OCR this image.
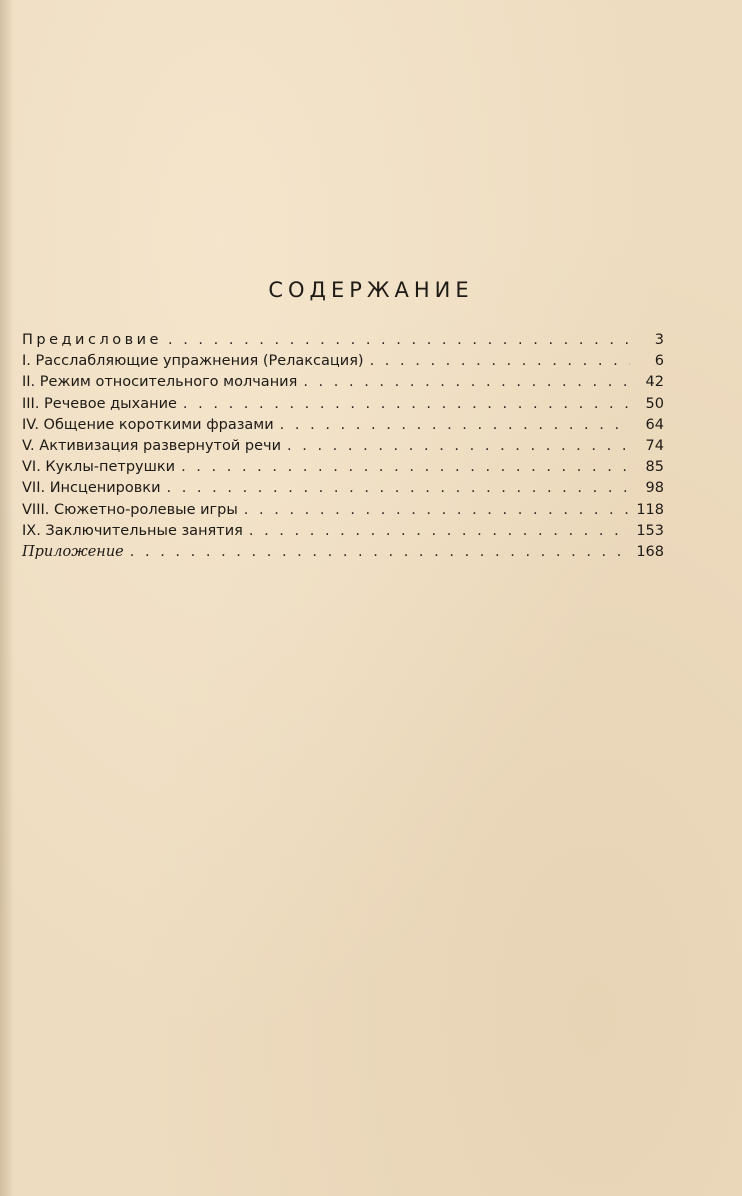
СОДЕРЖАНИЕ
Предисловие . . .	3
I. Расслабляющие упражнения (Релаксация) . . .	6
II. Режим относительного молчания . . .	42
III. Речевое дыхание . . .	50
IV. Общение короткими фразами . . .	64
V. Активизация развернутой речи . . .	74
VI. Куклы-петрушки . . .	85
VII. Инсценировки . . .	98
VIII. Сюжетно-ролевые игры . . .	118
IX. Заключительные занятия . . .	153
Приложение . . .	168
